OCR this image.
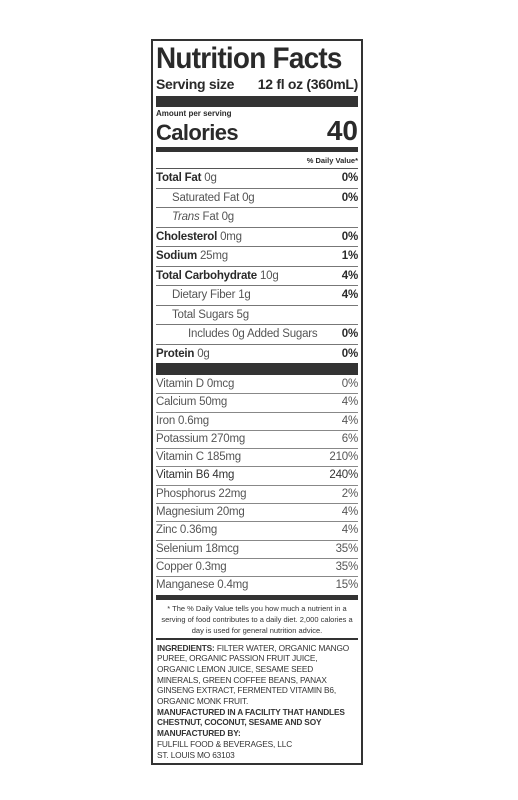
Nutrition Facts
Serving size 12 fl oz (360mL)
Amount per serving
Calories	40
% Daily Value*
Total Fat 0g	0%
Saturated Fat 0g	0%
Trans Fat 0g
Cholesterol 0mg	0%
Sodium 25mg	1%
Total Carbohydrate 10g	4%
Dietary Fiber 1g	4%
Total Sugars 5g
Includes 0g Added Sugars 0%
Protein 0g	0%
Vitamin D 0mcg	0%
Calcium 50mg	4%
Iron 0.6mg	4%
Potassium 270mg	6%
Vitamin C 185mg	210%
Vitamin B6 4mg	240%
Phosphorus 22mg	2%
Magnesium 20mg	4%
Zinc 0.36mg	4%
Selenium 18mcg	35%
Copper 0.3mg	35%
Manganese 0.4mg	15%
* The % Daily Value tells you how much a nutrient in a serving of food contributes to a daily diet. 2,000 calories a day is used for general nutrition advice.

INGREDIENTS: FILTER WATER, ORGANIC MANGO PUREE, ORGANIC PASSION FRUIT JUICE, ORGANIC LEMON JUICE, SESAME SEED MINERALS, GREEN COFFEE BEANS, PANAX GINSENG EXTRACT, FERMENTED VITAMIN B6, ORGANIC MONK FRUIT.

MANUFACTURED IN A FACILITY THAT HANDLES CHESTNUT, COCONUT, SESAME AND SOY

MANUFACTURED BY:

FULFILL FOOD & BEVERAGES, LLC

ST. LOUIS MO 63103
